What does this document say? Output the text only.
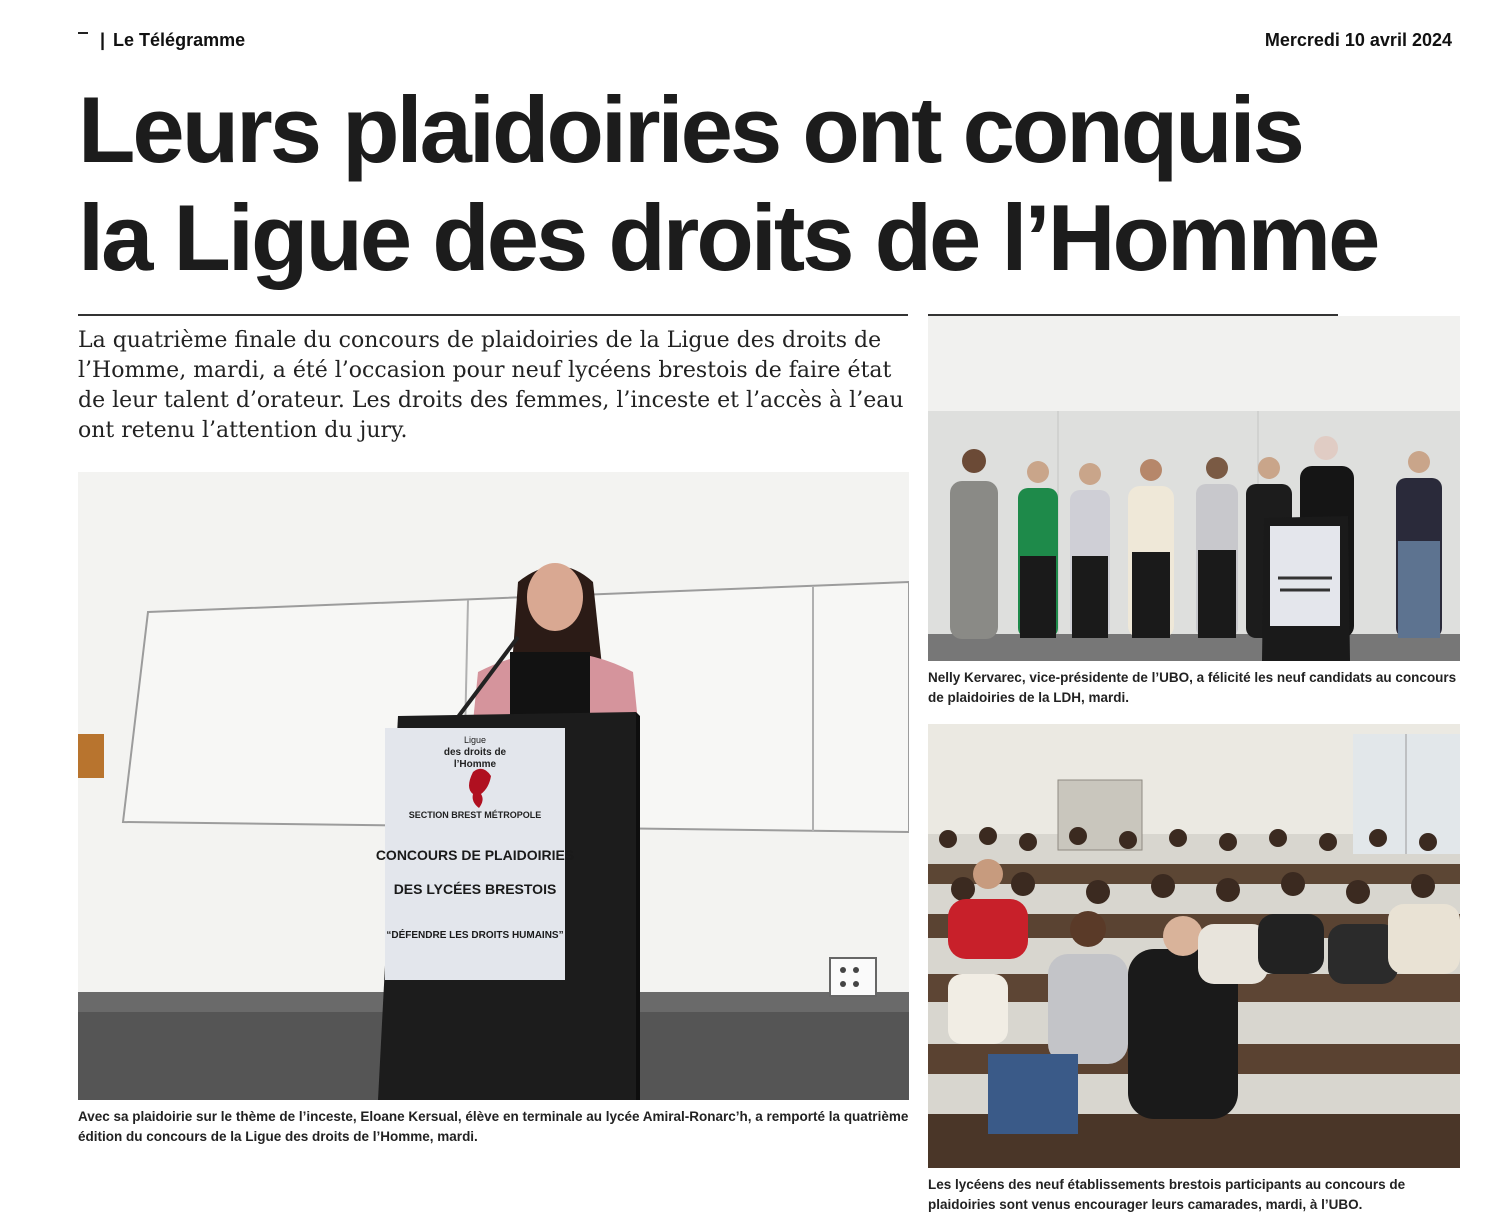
| Le Télégramme	Mercredi 10 avril 2024
Leurs plaidoiries ont conquis
la Ligue des droits de l’Homme

La quatrième finale du concours de plaidoiries de la Ligue des droits de l’Homme, mardi, a été l’occasion pour neuf lycéens brestois de faire état de leur talent d’orateur. Les droits des femmes, l’inceste et l’accès à l’eau ont retenu l’attention du jury.

Ligue
des droits de
l’Homme
SECTION BREST MÉTROPOLE
CONCOURS DE PLAIDOIRIES
DES LYCÉES BRESTOIS
“DÉFENDRE LES DROITS HUMAINS”

Avec sa plaidoirie sur le thème de l’inceste, Eloane Kersual, élève en terminale au lycée Amiral-Ronarc’h, a remporté la quatrième édition du concours de la Ligue des droits de l’Homme, mardi.

Nelly Kervarec, vice-présidente de l’UBO, a félicité les neuf candidats au concours de plaidoiries de la LDH, mardi.

Les lycéens des neuf établissements brestois participants au concours de plaidoiries sont venus encourager leurs camarades, mardi, à l’UBO.
